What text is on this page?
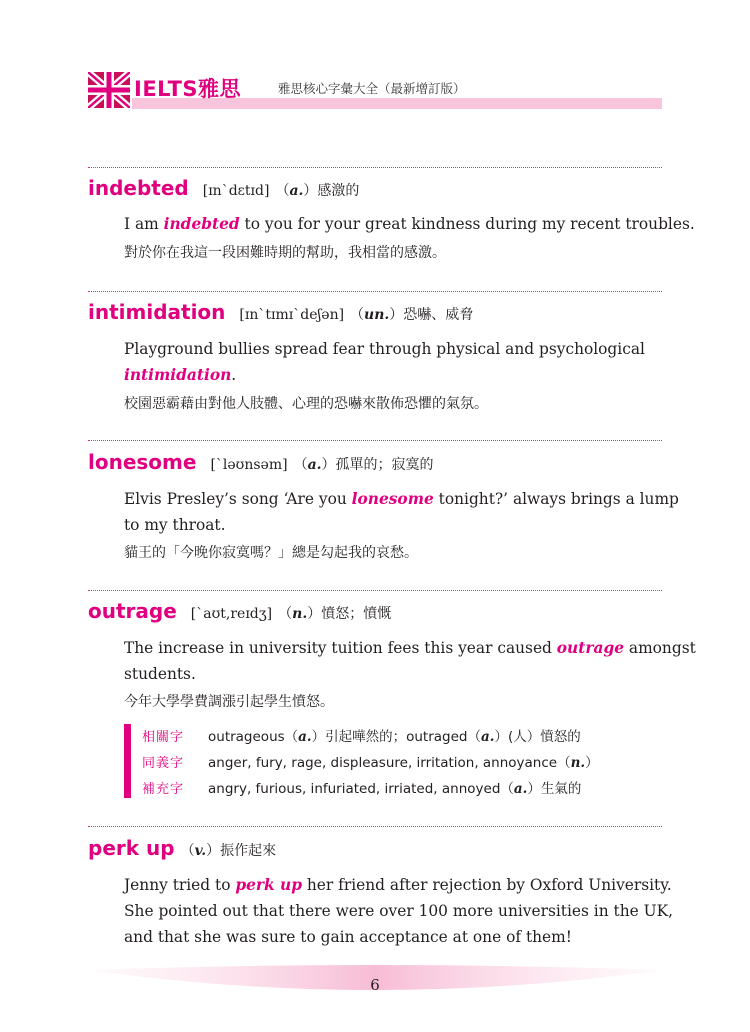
IELTS雅思	雅思核心字彙大全（最新增訂版）
indebted [ɪn`dɛtɪd] （a.）感激的
I am indebted to you for your great kindness during my recent troubles.
對於你在我這一段困難時期的幫助，我相當的感激。
intimidation [ɪn`tɪmɪ`deʃən] （un.）恐嚇、威脅
Playground bullies spread fear through physical and psychological
intimidation.
校園惡霸藉由對他人肢體、心理的恐嚇來散佈恐懼的氣氛。
lonesome [`ləʊnsəm] （a.）孤單的；寂寞的
Elvis Presley’s song ‘Are you lonesome tonight?’ always brings a lump
to my throat.
貓王的「今晚你寂寞嗎？」總是勾起我的哀愁。
outrage [`aʊt,reɪdʒ] （n.）憤怒；憤慨
The increase in university tuition fees this year caused outrage amongst
students.
今年大學學費調漲引起學生憤怒。
相關字 outrageous（a.）引起嘩然的；outraged（a.）(人）憤怒的
同義字 anger, fury, rage, displeasure, irritation, annoyance（n.）
補充字 angry, furious, infuriated, irriated, annoyed（a.）生氣的
perk up （v.）振作起來
Jenny tried to perk up her friend after rejection by Oxford University.
She pointed out that there were over 100 more universities in the UK,
and that she was sure to gain acceptance at one of them!
6
